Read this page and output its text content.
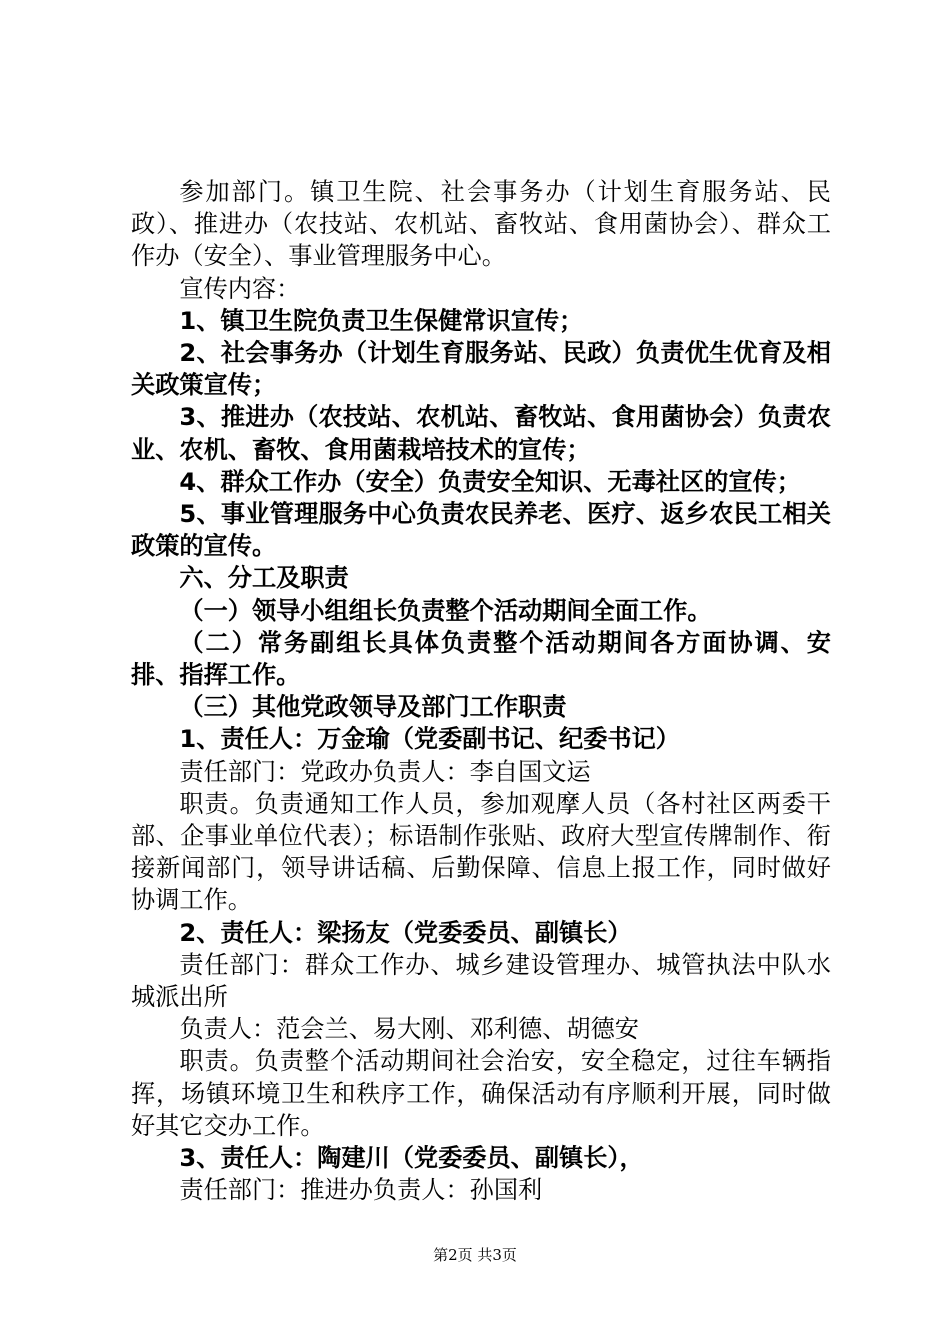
参加部门。镇卫生院、社会事务办（计划生育服务站、民政）、推进办（农技站、农机站、畜牧站、食用菌协会）、群众工作办（安全）、事业管理服务中心。

宣传内容：

1、镇卫生院负责卫生保健常识宣传；

2、社会事务办（计划生育服务站、民政）负责优生优育及相关政策宣传；

3、推进办（农技站、农机站、畜牧站、食用菌协会）负责农业、农机、畜牧、食用菌栽培技术的宣传；

4、群众工作办（安全）负责安全知识、无毒社区的宣传；

5、事业管理服务中心负责农民养老、医疗、返乡农民工相关政策的宣传。

六、分工及职责

（一）领导小组组长负责整个活动期间全面工作。

（二）常务副组长具体负责整个活动期间各方面协调、安排、指挥工作。

（三）其他党政领导及部门工作职责

1、责任人：万金瑜（党委副书记、纪委书记）

责任部门：党政办负责人：李自国文运

职责。负责通知工作人员，参加观摩人员（各村社区两委干部、企事业单位代表）；标语制作张贴、政府大型宣传牌制作、衔接新闻部门，领导讲话稿、后勤保障、信息上报工作，同时做好协调工作。

2、责任人：梁扬友（党委委员、副镇长）

责任部门：群众工作办、城乡建设管理办、城管执法中队水城派出所

负责人：范会兰、易大刚、邓利德、胡德安

职责。负责整个活动期间社会治安，安全稳定，过往车辆指挥，场镇环境卫生和秩序工作，确保活动有序顺利开展，同时做好其它交办工作。

3、责任人：陶建川（党委委员、副镇长），

责任部门：推进办负责人：孙国利

第2页 共3页
